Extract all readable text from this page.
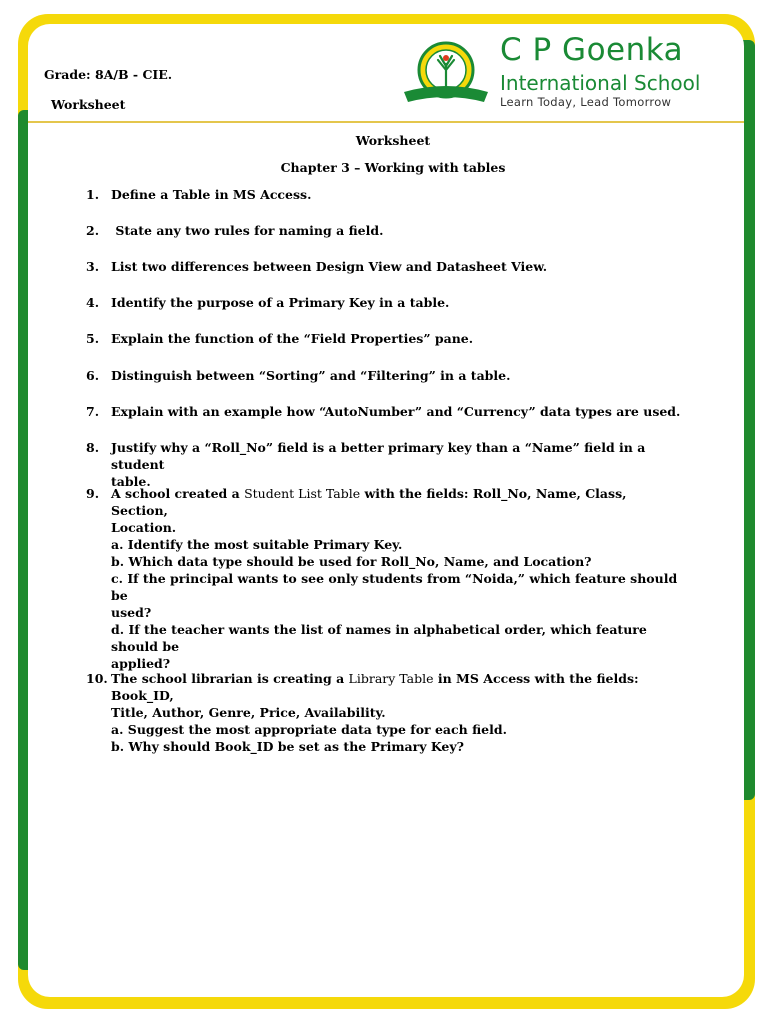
Grade: 8A/B - CIE.
Worksheet
C P Goenka
International School
Learn Today, Lead Tomorrow
Worksheet
Chapter 3 – Working with tables
1. Define a Table in MS Access.
2. State any two rules for naming a field.
3. List two differences between Design View and Datasheet View.
4. Identify the purpose of a Primary Key in a table.
5. Explain the function of the “Field Properties” pane.
6. Distinguish between “Sorting” and “Filtering” in a table.
7. Explain with an example how “AutoNumber” and “Currency” data types are used.
8. Justify why a “Roll_No” field is a better primary key than a “Name” field in a student
table.
9. A school created a Student List Table with the fields: Roll_No, Name, Class, Section,
Location.
a. Identify the most suitable Primary Key.
b. Which data type should be used for Roll_No, Name, and Location?
c. If the principal wants to see only students from “Noida,” which feature should be
used?
d. If the teacher wants the list of names in alphabetical order, which feature should be
applied?
10. The school librarian is creating a Library Table in MS Access with the fields: Book_ID,
Title, Author, Genre, Price, Availability.
a. Suggest the most appropriate data type for each field.
b. Why should Book_ID be set as the Primary Key?
